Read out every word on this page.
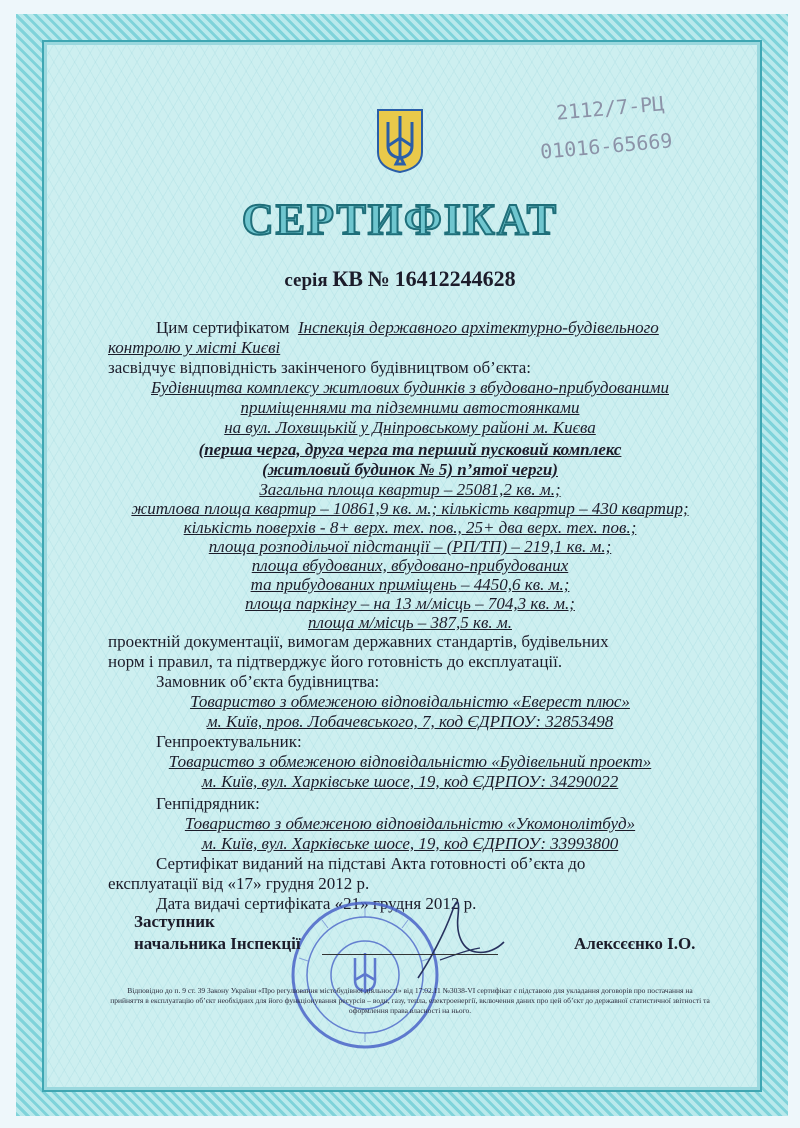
2112/7-РЦ
01016-65669
СЕРТИФІКАТ
серія КВ № 16412244628
Цим сертифікатом Інспекція державного архітектурно-будівельного
контролю у місті Києві
засвідчує відповідність закінченого будівництвом об’єкта:
Будівництва комплексу житлових будинків з вбудовано-прибудованими
приміщеннями та підземними автостоянками
на вул. Лохвицькій у Дніпровському районі м. Києва
(перша черга, друга черга та перший пусковий комплекс
(житловий будинок № 5) п’ятої черги)
Загальна площа квартир – 25081,2 кв. м.;
житлова площа квартир – 10861,9 кв. м.; кількість квартир – 430 квартир;
кількість поверхів - 8+ верх. тех. пов., 25+ два верх. тех. пов.;
площа розподільчої підстанції – (РП/ТП) – 219,1 кв. м.;
площа вбудованих, вбудовано-прибудованих
та прибудованих приміщень – 4450,6 кв. м.;
площа паркінгу – на 13 м/місць – 704,3 кв. м.;
площа м/місць – 387,5 кв. м.
проектній документації, вимогам державних стандартів, будівельних
норм і правил, та підтверджує його готовність до експлуатації.
Замовник об’єкта будівництва:
Товариство з обмеженою відповідальністю «Еверест плюс»
м. Київ, пров. Лобачевського, 7, код ЄДРПОУ: 32853498
Генпроектувальник:
Товариство з обмеженою відповідальністю «Будівельний проект»
м. Київ, вул. Харківське шосе, 19, код ЄДРПОУ: 34290022
Генпідрядник:
Товариство з обмеженою відповідальністю «Укомонолітбуд»
м. Київ, вул. Харківське шосе, 19, код ЄДРПОУ: 33993800
Сертифікат виданий на підставі Акта готовності об’єкта до
експлуатації від «17» грудня 2012 р.
Дата видачі сертифіката «21» грудня 2012 р.
Заступник
начальника Інспекції	Алексєєнко І.О.
Відповідно до п. 9 ст. 39 Закону України «Про регулювання містобудівної діяльності» від 17.02.11 №3038-VI сертифікат є підставою для укладання договорів про постачання на прийняття в експлуатацію об’єкт необхідних для його функціонування ресурсів – води, газу, тепла, електроенергії, включення даних про цей об’єкт до державної статистичної звітності та оформлення права власності на нього.
